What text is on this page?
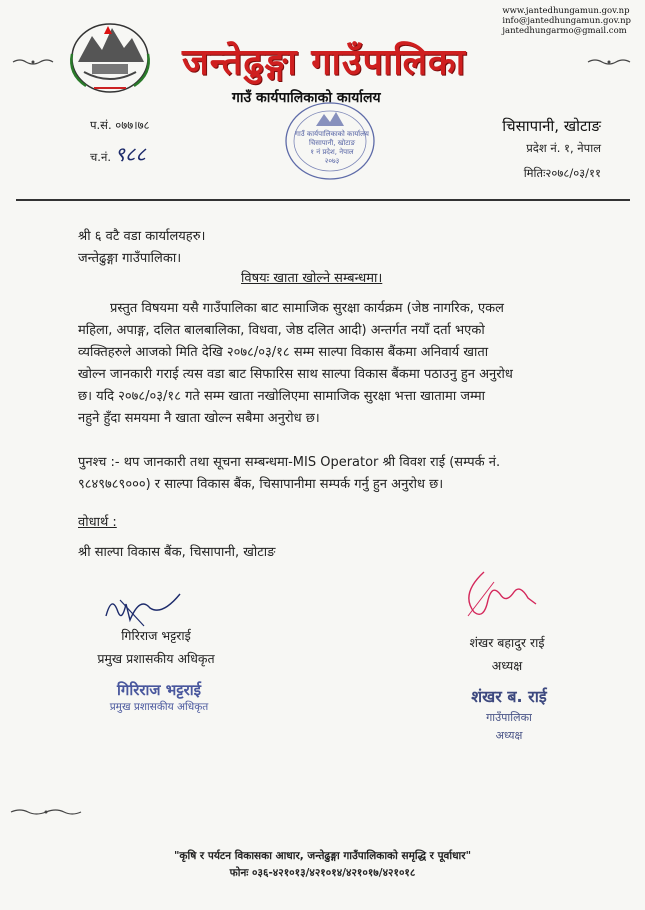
www.jantedhungamun.gov.np
info@jantedhungamun.gov.np
jantedhungarmo@gmail.com
जन्तेढुङ्गा गाउँपालिका
गाउँ कार्यपालिकाको कार्यालय
प.सं. ०७७।७८
च.नं. ९८८
गाउँ कार्यपालिकाको कार्यालय
चिसापानी, खोटाङ
१ नं प्रदेश, नेपाल
२०७३
चिसापानी, खोटाङ
प्रदेश नं. १, नेपाल
मितिः२०७८/०३/११
श्री ६ वटै वडा कार्यालयहरु।
जन्तेढुङ्गा गाउँपालिका।
विषयः खाता खोल्ने सम्बन्धमा।
प्रस्तुत विषयमा यसै गाउँपालिका बाट सामाजिक सुरक्षा कार्यक्रम (जेष्ठ नागरिक, एकल
महिला, अपाङ्ग, दलित बालबालिका, विधवा, जेष्ठ दलित आदी) अन्तर्गत नयाँ दर्ता भएको
व्यक्तिहरुले आजको मिति देखि २०७८/०३/१८ सम्म साल्पा विकास बैंकमा अनिवार्य खाता
खोल्न जानकारी गराई त्यस वडा बाट सिफारिस साथ साल्पा विकास बैंकमा पठाउनु हुन अनुरोध
छ। यदि २०७८/०३/१८ गते सम्म खाता नखोलिएमा सामाजिक सुरक्षा भत्ता खातामा जम्मा
नहुने हुँदा समयमा नै खाता खोल्न सबैमा अनुरोध छ।
पुनश्च :- थप जानकारी तथा सूचना सम्बन्धमा-MIS Operator श्री विवश राई (सम्पर्क नं.
९८४९७८९०००) र साल्पा विकास बैंक, चिसापानीमा सम्पर्क गर्नु हुन अनुरोध छ।
वोधार्थ :
श्री साल्पा विकास बैंक, चिसापानी, खोटाङ
गिरिराज भट्टराई
प्रमुख प्रशासकीय अधिकृत
गिरिराज भट्टराई
प्रमुख प्रशासकीय अधिकृत
शंखर बहादुर राई
अध्यक्ष
शंखर ब. राई
गाउँपालिका
अध्यक्ष
"कृषि र पर्यटन विकासका आधार, जन्तेढुङ्गा गाउँपालिकाको समृद्धि र पूर्वाधार"
फोनः ०३६-४२१०१३/४२१०१४/४२१०१७/४२१०१८
